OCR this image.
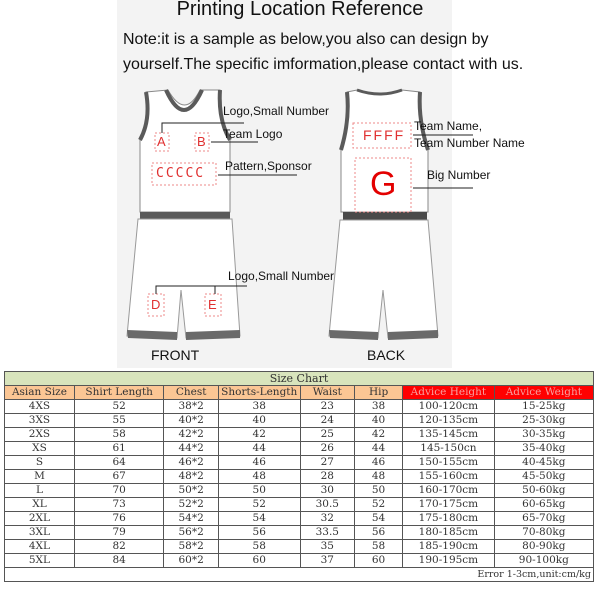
Printing Location Reference
Note:it is a sample as below,you also can design by
yourself.The specific imformation,please contact with us.
A B
CCCCC
D	E
FFFF
G
Logo,Small Number
Team Logo
Pattern,Sponsor
Logo,Small Number
Team Name,
Team Number Name
Big Number
FRONT	BACK
Size Chart							
Asian Size	Shirt Length	Chest	Shorts-Length	Waist	Hip	Advice Height	Advice Weight
4XS	52	38*2	38	23	38	100-120cm	15-25kg
3XS	55	40*2	40	24	40	120-135cm	25-30kg
2XS	58	42*2	42	25	42	135-145cm	30-35kg
XS	61	44*2	44	26	44	145-150cn	35-40kg
S	64	46*2	46	27	46	150-155cm	40-45kg
M	67	48*2	48	28	48	155-160cm	45-50kg
L	70	50*2	50	30	50	160-170cm	50-60kg
XL	73	52*2	52	30.5	52	170-175cm	60-65kg
2XL	76	54*2	54	32	54	175-180cm	65-70kg
3XL	79	56*2	56	33.5	56	180-185cm	70-80kg
4XL	82	58*2	58	35	58	185-190cm	80-90kg
5XL	84	60*2	60	37	60	190-195cm	90-100kg
Error 1-3cm,unit:cm/kg							
